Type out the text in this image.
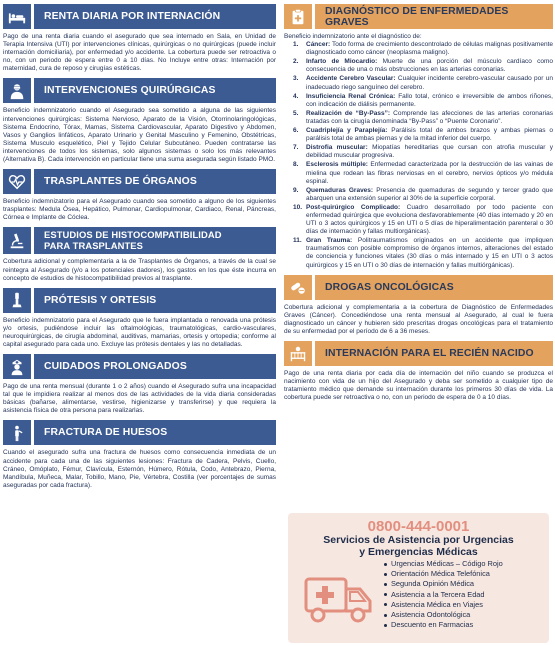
RENTA DIARIA POR INTERNACIÓN

Pago de una renta diaria cuando el asegurado que sea internado en Sala, en Unidad de Terapia Intensiva (UTI) por intervenciones clínicas, quirúrgicas o no quirúrgicas (puede incluir internación domiciliaria), por enfermedad y/o accidente. La cobertura puede ser retroactiva o no, con un periodo de espera entre 0 a 10 días. No Incluye entre otras: Internación por maternidad, cura de reposo y cirugías estéticas.

INTERVENCIONES QUIRÚRGICAS

Beneficio indemnizatorio cuando el Asegurado sea sometido a alguna de las siguientes intervenciones quirúrgicas: Sistema Nervioso, Aparato de la Visión, Otorrinolaringológicas, Sistema Endocrino, Tórax, Mamas, Sistema Cardiovascular, Aparato Digestivo y Abdomen, Vasos y Ganglios linfáticos, Aparato Urinario y Genital Masculino y Femenino, Obstétricas, Sistema Musculo esquelético, Piel y Tejido Celular Subcutáneo. Pueden contratarse las intervenciones de todos los sistemas, solo algunos sistemas o solo los más relevantes (Alternativa B). Cada intervención en particular tiene una suma asegurada según listado PMO.

TRASPLANTES DE ÓRGANOS

Beneficio indemnizatorio para el Asegurado cuando sea sometido a alguno de los siguientes trasplantes: Medula Ósea, Hepático, Pulmonar, Cardiopulmonar, Cardiaco, Renal, Páncreas, Córnea e Implante de Cóclea.

ESTUDIOS DE HISTOCOMPATIBILIDAD
PARA TRASPLANTES

Cobertura adicional y complementaria a la de Trasplantes de Órganos, a través de la cual se reintegra al Asegurado (y/o a los potenciales dadores), los gastos en los que éste incurra en concepto de estudios de histocompatibilidad previos al trasplante.

PRÓTESIS Y ORTESIS

Beneficio indemnizatorio para el Asegurado que le fuera implantada o renovada una prótesis y/o ortesis, pudiéndose incluir las oftalmológicas, traumatológicas, cardio-vasculares, neuroquirúrgicas, de cirugía abdominal, auditivas, mamarias, ortesis y ortopedia; conforme al capital asegurado para cada uno. Excluye las prótesis dentales y las no detalladas.

CUIDADOS PROLONGADOS

Pago de una renta mensual (durante 1 o 2 años) cuando el Asegurado sufra una incapacidad tal que le impidiera realizar al menos dos de las actividades de la vida diaria consideradas básicas (bañarse, alimentarse, vestirse, higienizarse y transferirse) y que requiera la asistencia física de otra persona para realizarlas.

FRACTURA DE HUESOS

Cuando el asegurado sufra una fractura de huesos como consecuencia inmediata de un accidente para cada una de las siguientes lesiones: Fractura de Cadera, Pelvis, Cuello, Cráneo, Omóplato, Fémur, Clavícula, Esternón, Húmero, Rótula, Codo, Antebrazo, Pierna, Mandíbula, Muñeca, Malar, Tobillo, Mano, Pie, Vértebra, Costilla (ver porcentajes de sumas aseguradas por cada fractura).

DIAGNÓSTICO DE ENFERMEDADES GRAVES

Beneficio indemnizatorio ante el diagnóstico de:

1.	Cáncer: Todo forma de crecimiento descontrolado de células malignas positivamente diagnosticado como cáncer (neoplasma maligno).
2.	Infarto de Miocardio: Muerte de una porción del músculo cardíaco como consecuencia de una o más obstrucciones en las arterias coronarias.
3.	Accidente Cerebro Vascular: Cualquier incidente cerebro-vascular causado por un inadecuado riego sanguíneo del cerebro.
4.	Insuficiencia Renal Crónica: Fallo total, crónico e irreversible de ambos riñones, con indicación de diálisis permanente.
5.	Realización de “By-Pass”: Comprende las afecciones de las arterias coronarias tratadas con la cirugía denominada “By-Pass” o “Puente Coronario”.
6.	Cuadriplejía y Paraplejía: Parálisis total de ambos brazos y ambas piernas o parálisis total de ambas piernas y de la mitad inferior del cuerpo.
7.	Distrofia muscular: Miopatías hereditarias que cursan con atrofia muscular y debilidad muscular progresiva.
8.	Esclerosis múltiple: Enfermedad caracterizada por la destrucción de las vainas de mielina que rodean las fibras nerviosas en el cerebro, nervios ópticos y/o médula espinal.
9.	Quemaduras Graves: Presencia de quemaduras de segundo y tercer grado que abarquen una extensión superior al 30% de la superficie corporal.
10. Post-quirúrgico Complicado: Cuadro desarrollado por todo paciente con enfermedad quirúrgica que evoluciona desfavorablemente (40 días internado y 20 en UTI o 3 actos quirúrgicos y 15 en UTI o 5 días de hiperalimentación parenteral o 30 días de internación y fallas multiorgánicas).
11. Gran Trauma: Politraumatismos originados en un accidente que impliquen traumatismos con posible compromiso de órganos internos, alteraciones del estado de conciencia y funciones vitales (30 días o más internado y 15 en UTI o 3 actos quirúrgicos y 15 en UTI o 30 días de internación y fallas multiórgánicas).
DROGAS ONCOLÓGICAS

Cobertura adicional y complementaria a la cobertura de Diagnóstico de Enfermedades Graves (Cáncer). Concediéndose una renta mensual al Asegurado, al cual le fuera diagnosticado un cáncer y hubieren sido prescritas drogas oncológicas para el tratamiento de su enfermedad por el período de 6 a 36 meses.

INTERNACIÓN PARA EL RECIÉN NACIDO

Pago de una renta diaria por cada día de internación del niño cuando se produzca el nacimiento con vida de un hijo del Asegurado y deba ser sometido a cualquier tipo de tratamiento médico que demande su internación durante los primeros 30 días de vida. La cobertura puede ser retroactiva o no, con un periodo de espera de 0 a 10 días.

0800-444-0001
Servicios de Asistencia por Urgencias
y Emergencias Médicas
Urgencias Médicas – Código Rojo
Orientación Médica Telefónica
Segunda Opinión Médica
Asistencia a la Tercera Edad
Asistencia Médica en Viajes
Asistencia Odontológica
Descuento en Farmacias
